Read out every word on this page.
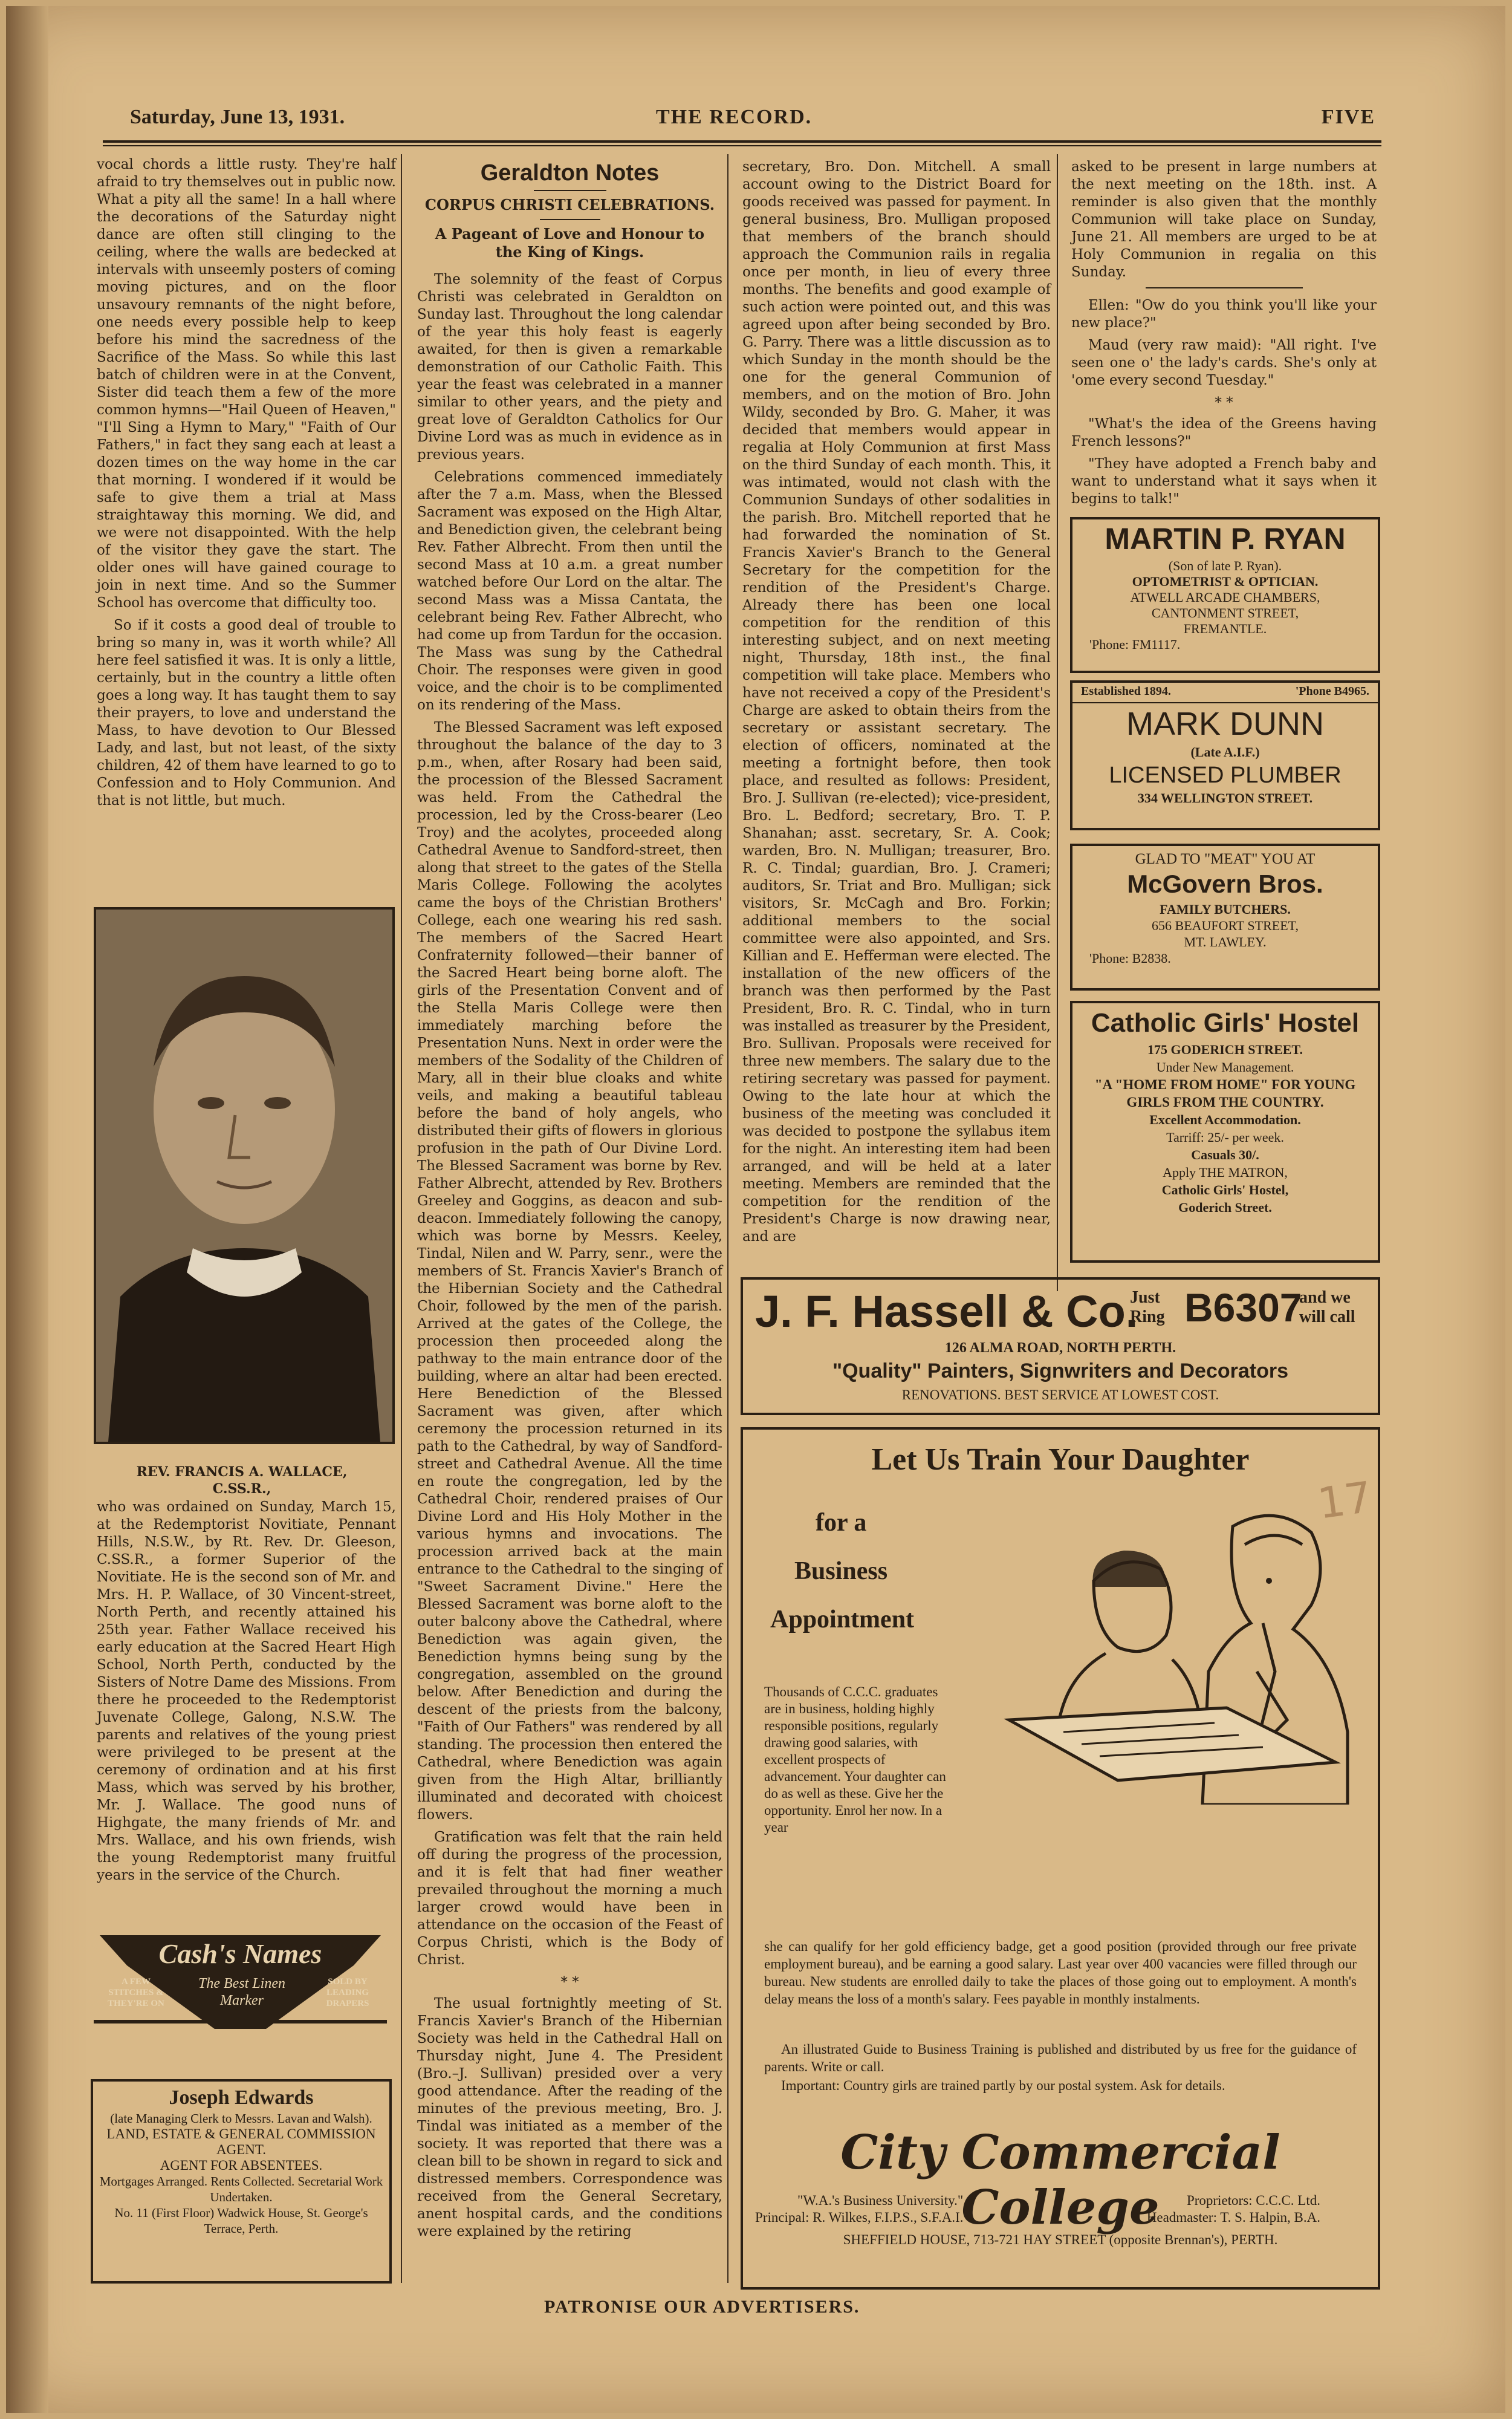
Saturday, June 13, 1931.	THE RECORD.	FIVE

vocal chords a little rusty. They're half afraid to try themselves out in public now. What a pity all the same! In a hall where the decorations of the Saturday night dance are often still clinging to the ceiling, where the walls are bedecked at intervals with unseemly posters of coming moving pictures, and on the floor unsavoury remnants of the night before, one needs every possible help to keep before his mind the sacredness of the Sacrifice of the Mass. So while this last batch of children were in at the Convent, Sister did teach them a few of the more common hymns—"Hail Queen of Heaven," "I'll Sing a Hymn to Mary," "Faith of Our Fathers," in fact they sang each at least a dozen times on the way home in the car that morning. I wondered if it would be safe to give them a trial at Mass straightaway this morning. We did, and we were not disappointed. With the help of the visitor they gave the start. The older ones will have gained courage to join in next time. And so the Summer School has overcome that difficulty too.

So if it costs a good deal of trouble to bring so many in, was it worth while? All here feel satisfied it was. It is only a little, certainly, but in the country a little often goes a long way. It has taught them to say their prayers, to love and understand the Mass, to have devotion to Our Blessed Lady, and last, but not least, of the sixty children, 42 of them have learned to go to Confession and to Holy Communion. And that is not little, but much.

REV. FRANCIS A. WALLACE,
C.SS.R.,

who was ordained on Sunday, March 15, at the Redemptorist Novitiate, Pennant Hills, N.S.W., by Rt. Rev. Dr. Gleeson, C.SS.R., a former Superior of the Novitiate. He is the second son of Mr. and Mrs. H. P. Wallace, of 30 Vincent-street, North Perth, and recently attained his 25th year. Father Wallace received his early education at the Sacred Heart High School, North Perth, conducted by the Sisters of Notre Dame des Missions. From there he proceeded to the Redemptorist Juvenate College, Galong, N.S.W. The parents and relatives of the young priest were privileged to be present at the ceremony of ordination and at his first Mass, which was served by his brother, Mr. J. Wallace. The good nuns of Highgate, the many friends of Mr. and Mrs. Wallace, and his own friends, wish the young Redemptorist many fruitful years in the service of the Church.

Cash's Names
A FEW STITCHES & THEY'RE ON
The Best Linen Marker
SOLD BY LEADING DRAPERS
Joseph Edwards
(late Managing Clerk to Messrs. Lavan and Walsh).
LAND, ESTATE & GENERAL COMMISSION AGENT.
AGENT FOR ABSENTEES.
Mortgages Arranged. Rents Collected. Secretarial Work Undertaken.
No. 11 (First Floor) Wadwick House, St. George's Terrace, Perth.
Geraldton Notes
CORPUS CHRISTI CELEBRATIONS.
A Pageant of Love and Honour to the King of Kings.

The solemnity of the feast of Corpus Christi was celebrated in Geraldton on Sunday last. Throughout the long calendar of the year this holy feast is eagerly awaited, for then is given a remarkable demonstration of our Catholic Faith. This year the feast was celebrated in a manner similar to other years, and the piety and great love of Geraldton Catholics for Our Divine Lord was as much in evidence as in previous years.

Celebrations commenced immediately after the 7 a.m. Mass, when the Blessed Sacrament was exposed on the High Altar, and Benediction given, the celebrant being Rev. Father Albrecht. From then until the second Mass at 10 a.m. a great number watched before Our Lord on the altar. The second Mass was a Missa Cantata, the celebrant being Rev. Father Albrecht, who had come up from Tardun for the occasion. The Mass was sung by the Cathedral Choir. The responses were given in good voice, and the choir is to be complimented on its rendering of the Mass.

The Blessed Sacrament was left exposed throughout the balance of the day to 3 p.m., when, after Rosary had been said, the procession of the Blessed Sacrament was held. From the Cathedral the procession, led by the Cross-bearer (Leo Troy) and the acolytes, proceeded along Cathedral Avenue to Sandford-street, then along that street to the gates of the Stella Maris College. Following the acolytes came the boys of the Christian Brothers' College, each one wearing his red sash. The members of the Sacred Heart Confraternity followed—their banner of the Sacred Heart being borne aloft. The girls of the Presentation Convent and of the Stella Maris College were then immediately marching before the Presentation Nuns. Next in order were the members of the Sodality of the Children of Mary, all in their blue cloaks and white veils, and making a beautiful tableau before the band of holy angels, who distributed their gifts of flowers in glorious profusion in the path of Our Divine Lord. The Blessed Sacrament was borne by Rev. Father Albrecht, attended by Rev. Brothers Greeley and Goggins, as deacon and sub-deacon. Immediately following the canopy, which was borne by Messrs. Keeley, Tindal, Nilen and W. Parry, senr., were the members of St. Francis Xavier's Branch of the Hibernian Society and the Cathedral Choir, followed by the men of the parish. Arrived at the gates of the College, the procession then proceeded along the pathway to the main entrance door of the building, where an altar had been erected. Here Benediction of the Blessed Sacrament was given, after which ceremony the procession returned in its path to the Cathedral, by way of Sandford-street and Cathedral Avenue. All the time en route the congregation, led by the Cathedral Choir, rendered praises of Our Divine Lord and His Holy Mother in the various hymns and invocations. The procession arrived back at the main entrance to the Cathedral to the singing of "Sweet Sacrament Divine." Here the Blessed Sacrament was borne aloft to the outer balcony above the Cathedral, where Benediction was again given, the Benediction hymns being sung by the congregation, assembled on the ground below. After Benediction and during the descent of the priests from the balcony, "Faith of Our Fathers" was rendered by all standing. The procession then entered the Cathedral, where Benediction was again given from the High Altar, brilliantly illuminated and decorated with choicest flowers.

Gratification was felt that the rain held off during the progress of the procession, and it is felt that had finer weather prevailed throughout the morning a much larger crowd would have been in attendance on the occasion of the Feast of Corpus Christi, which is the Body of Christ.

* *

The usual fortnightly meeting of St. Francis Xavier's Branch of the Hibernian Society was held in the Cathedral Hall on Thursday night, June 4. The President (Bro.–J. Sullivan) presided over a very good attendance. After the reading of the minutes of the previous meeting, Bro. J. Tindal was initiated as a member of the society. It was reported that there was a clean bill to be shown in regard to sick and distressed members. Correspondence was received from the General Secretary, anent hospital cards, and the conditions were explained by the retiring

secretary, Bro. Don. Mitchell. A small account owing to the District Board for goods received was passed for payment. In general business, Bro. Mulligan proposed that members of the branch should approach the Communion rails in regalia once per month, in lieu of every three months. The benefits and good example of such action were pointed out, and this was agreed upon after being seconded by Bro. G. Parry. There was a little discussion as to which Sunday in the month should be the one for the general Communion of members, and on the motion of Bro. John Wildy, seconded by Bro. G. Maher, it was decided that members would appear in regalia at Holy Communion at first Mass on the third Sunday of each month. This, it was intimated, would not clash with the Communion Sundays of other sodalities in the parish. Bro. Mitchell reported that he had forwarded the nomination of St. Francis Xavier's Branch to the General Secretary for the competition for the rendition of the President's Charge. Already there has been one local competition for the rendition of this interesting subject, and on next meeting night, Thursday, 18th inst., the final competition will take place. Members who have not received a copy of the President's Charge are asked to obtain theirs from the secretary or assistant secretary. The election of officers, nominated at the meeting a fortnight before, then took place, and resulted as follows: President, Bro. J. Sullivan (re-elected); vice-president, Bro. L. Bedford; secretary, Bro. T. P. Shanahan; asst. secretary, Sr. A. Cook; warden, Bro. N. Mulligan; treasurer, Bro. R. C. Tindal; guardian, Bro. J. Crameri; auditors, Sr. Triat and Bro. Mulligan; sick visitors, Sr. McCagh and Bro. Forkin; additional members to the social committee were also appointed, and Srs. Killian and E. Hefferman were elected. The installation of the new officers of the branch was then performed by the Past President, Bro. R. C. Tindal, who in turn was installed as treasurer by the President, Bro. Sullivan. Proposals were received for three new members. The salary due to the retiring secretary was passed for payment. Owing to the late hour at which the business of the meeting was concluded it was decided to postpone the syllabus item for the night. An interesting item had been arranged, and will be held at a later meeting. Members are reminded that the competition for the rendition of the President's Charge is now drawing near, and are

asked to be present in large numbers at the next meeting on the 18th. inst. A reminder is also given that the monthly Communion will take place on Sunday, June 21. All members are urged to be at Holy Communion in regalia on this Sunday.

Ellen: "Ow do you think you'll like your new place?"

Maud (very raw maid): "All right. I've seen one o' the lady's cards. She's only at 'ome every second Tuesday."

* *

"What's the idea of the Greens having French lessons?"

"They have adopted a French baby and want to understand what it says when it begins to talk!"

MARTIN P. RYAN
(Son of late P. Ryan).
OPTOMETRIST & OPTICIAN.
ATWELL ARCADE CHAMBERS,
CANTONMENT STREET,
FREMANTLE.
'Phone: FM1117.
Established 1894.	'Phone B4965.
MARK DUNN
(Late A.I.F.)
LICENSED PLUMBER
334 WELLINGTON STREET.
GLAD TO "MEAT" YOU AT
McGovern Bros.
FAMILY BUTCHERS.
656 BEAUFORT STREET,
MT. LAWLEY.
'Phone: B2838.
Catholic Girls' Hostel
175 GODERICH STREET.
Under New Management.
"A "HOME FROM HOME" FOR YOUNG GIRLS FROM THE COUNTRY.
Excellent Accommodation.
Tarriff: 25/- per week.
Casuals 30/.
Apply THE MATRON,
Catholic Girls' Hostel,
Goderich Street.
J. F. Hassell & Co.
Just Ring B6307
and we will call
126 ALMA ROAD, NORTH PERTH.
"Quality" Painters, Signwriters and Decorators
RENOVATIONS. BEST SERVICE AT LOWEST COST.
Let Us Train Your Daughter
for a
Business
Appointment
Thousands of C.C.C. graduates are in business, holding highly responsible positions, regularly drawing good salaries, with excellent prospects of advancement. Your daughter can do as well as these. Give her the opportunity. Enrol her now. In a year
she can qualify for her gold efficiency badge, get a good position (provided through our free private employment bureau), and be earning a good salary. Last year over 400 vacancies were filled through our bureau. New students are enrolled daily to take the places of those going out to employment. A month's delay means the loss of a month's salary. Fees payable in monthly instalments.
An illustrated Guide to Business Training is published and distributed by us free for the guidance of parents. Write or call.
Important: Country girls are trained partly by our postal system. Ask for details.
City Commercial College
"W.A.'s Business University."	Proprietors: C.C.C. Ltd.
Principal: R. Wilkes, F.I.P.S., S.F.A.I.	Headmaster: T. S. Halpin, B.A.
SHEFFIELD HOUSE, 713-721 HAY STREET (opposite Brennan's), PERTH.
17
PATRONISE OUR ADVERTISERS.
